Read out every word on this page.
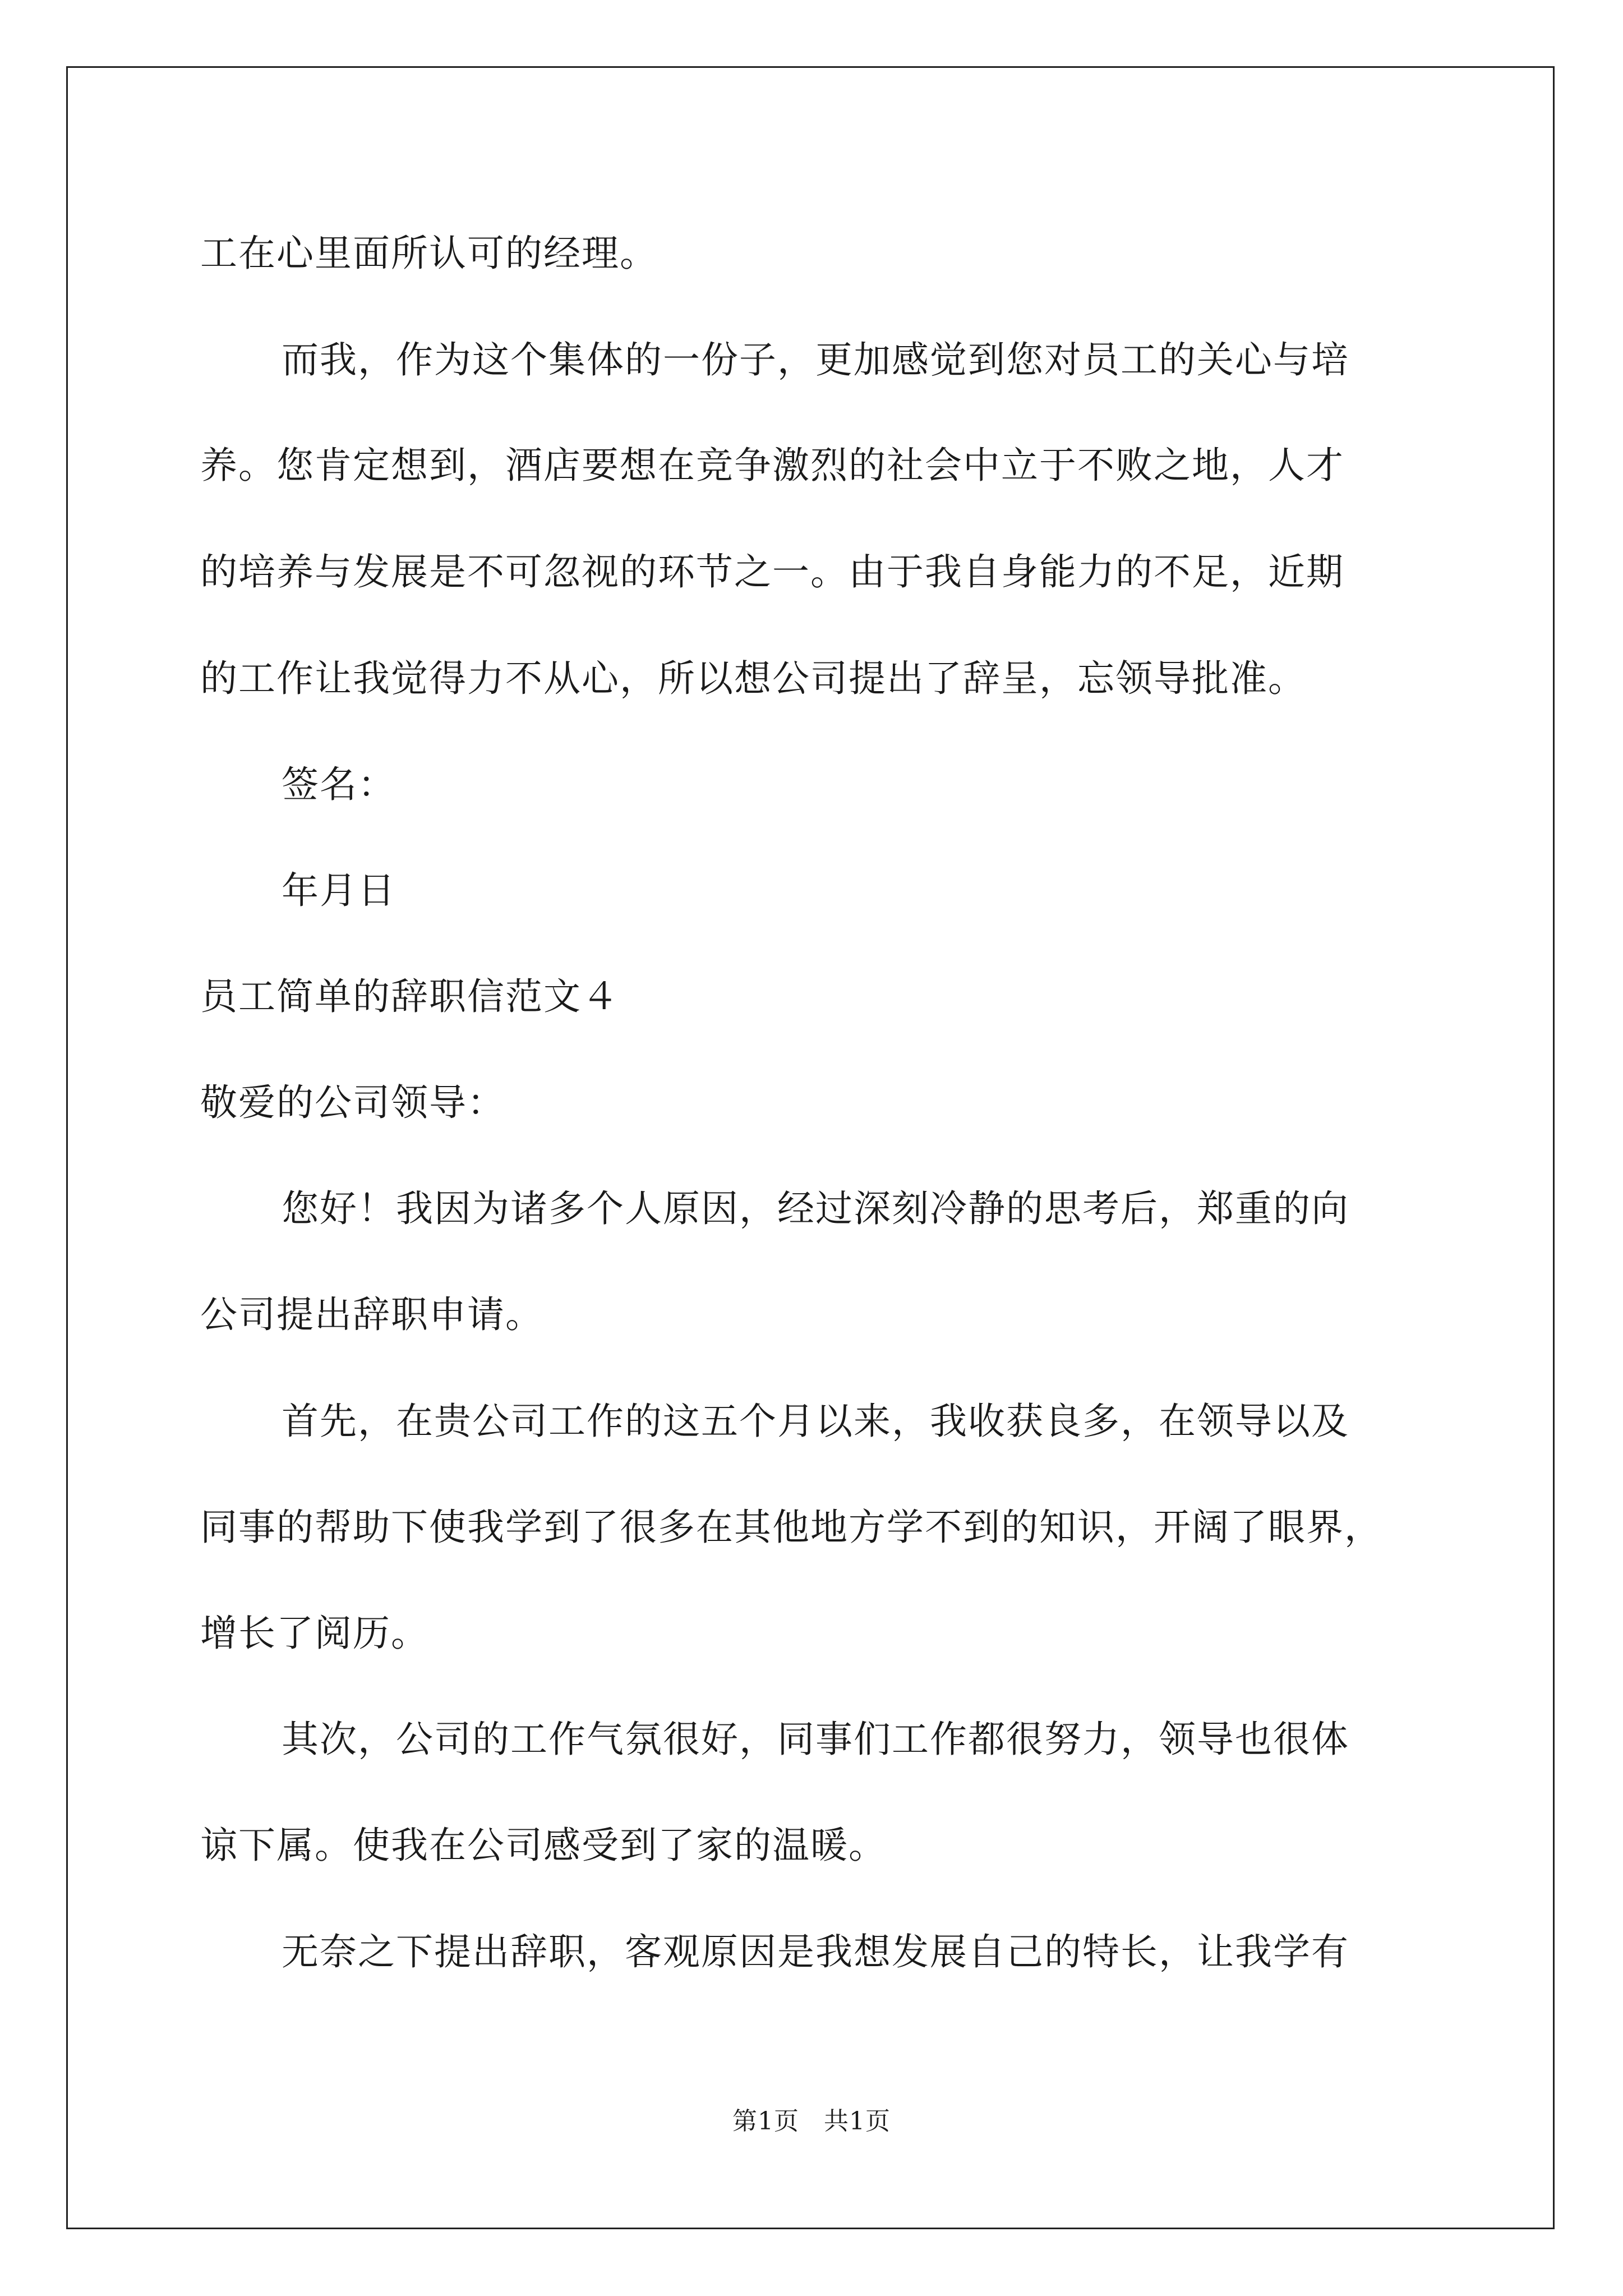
工在心里面所认可的经理。
而我，作为这个集体的一份子，更加感觉到您对员工的关心与培
养。您肯定想到，酒店要想在竞争激烈的社会中立于不败之地，人才
的培养与发展是不可忽视的环节之一。由于我自身能力的不足，近期
的工作让我觉得力不从心，所以想公司提出了辞呈，忘领导批准。
签名：
年月日
员工简单的辞职信范文４
敬爱的公司领导：
您好！我因为诸多个人原因，经过深刻冷静的思考后，郑重的向
公司提出辞职申请。
首先，在贵公司工作的这五个月以来，我收获良多，在领导以及
同事的帮助下使我学到了很多在其他地方学不到的知识，开阔了眼界，
增长了阅历。
其次，公司的工作气氛很好，同事们工作都很努力，领导也很体
谅下属。使我在公司感受到了家的温暖。
无奈之下提出辞职，客观原因是我想发展自己的特长，让我学有
第1页 共1页
